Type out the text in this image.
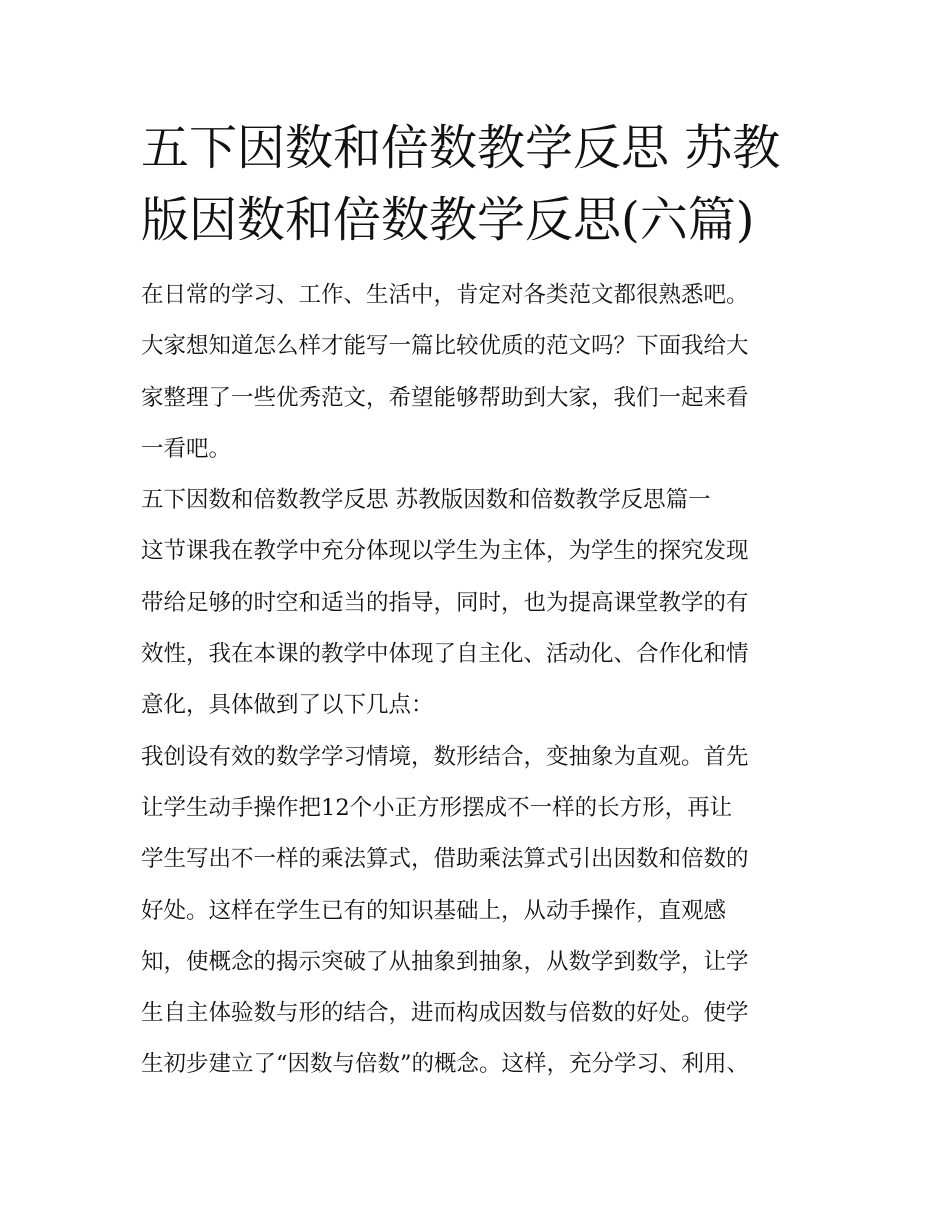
五下因数和倍数教学反思 苏教
版因数和倍数教学反思(六篇)
在日常的学习、工作、生活中，肯定对各类范文都很熟悉吧。
大家想知道怎么样才能写一篇比较优质的范文吗？下面我给大
家整理了一些优秀范文，希望能够帮助到大家，我们一起来看
一看吧。
五下因数和倍数教学反思 苏教版因数和倍数教学反思篇一
这节课我在教学中充分体现以学生为主体，为学生的探究发现
带给足够的时空和适当的指导，同时，也为提高课堂教学的有
效性，我在本课的教学中体现了自主化、活动化、合作化和情
意化，具体做到了以下几点：
我创设有效的数学学习情境，数形结合，变抽象为直观。首先
让学生动手操作把12个小正方形摆成不一样的长方形，再让
学生写出不一样的乘法算式，借助乘法算式引出因数和倍数的
好处。这样在学生已有的知识基础上，从动手操作，直观感
知，使概念的揭示突破了从抽象到抽象，从数学到数学，让学
生自主体验数与形的结合，进而构成因数与倍数的好处。使学
生初步建立了“因数与倍数”的概念。这样，充分学习、利用、
